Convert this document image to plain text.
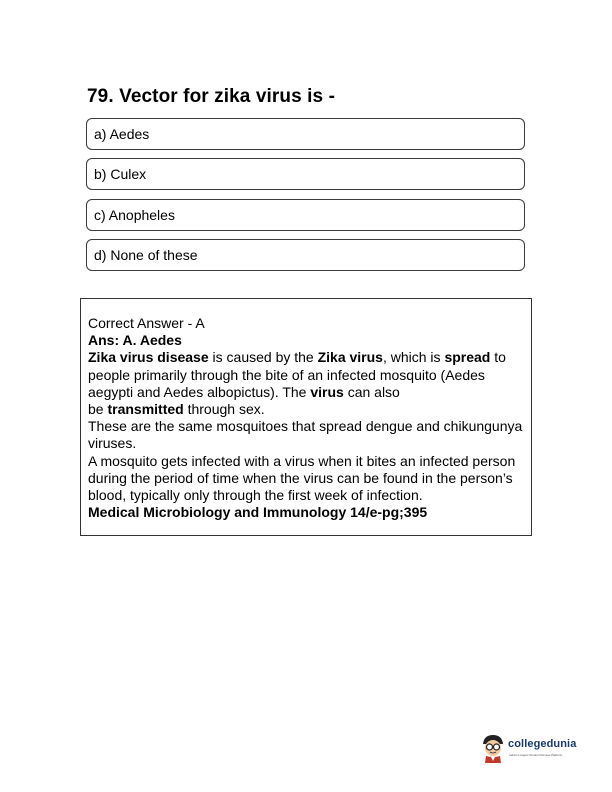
79. Vector for zika virus is -
a) Aedes
b) Culex
c) Anopheles
d) None of these

Correct Answer - A

Ans: A. Aedes

Zika virus disease is caused by the Zika virus, which is spread to people primarily through the bite of an infected mosquito (Aedes aegypti and Aedes albopictus). The virus can also

be transmitted through sex.

These are the same mosquitoes that spread dengue and chikungunya viruses.

A mosquito gets infected with a virus when it bites an infected person during the period of time when the virus can be found in the person’s blood, typically only through the first week of infection.

Medical Microbiology and Immunology 14/e-pg;395

collegedunia
India's Largest Student Review Platform
